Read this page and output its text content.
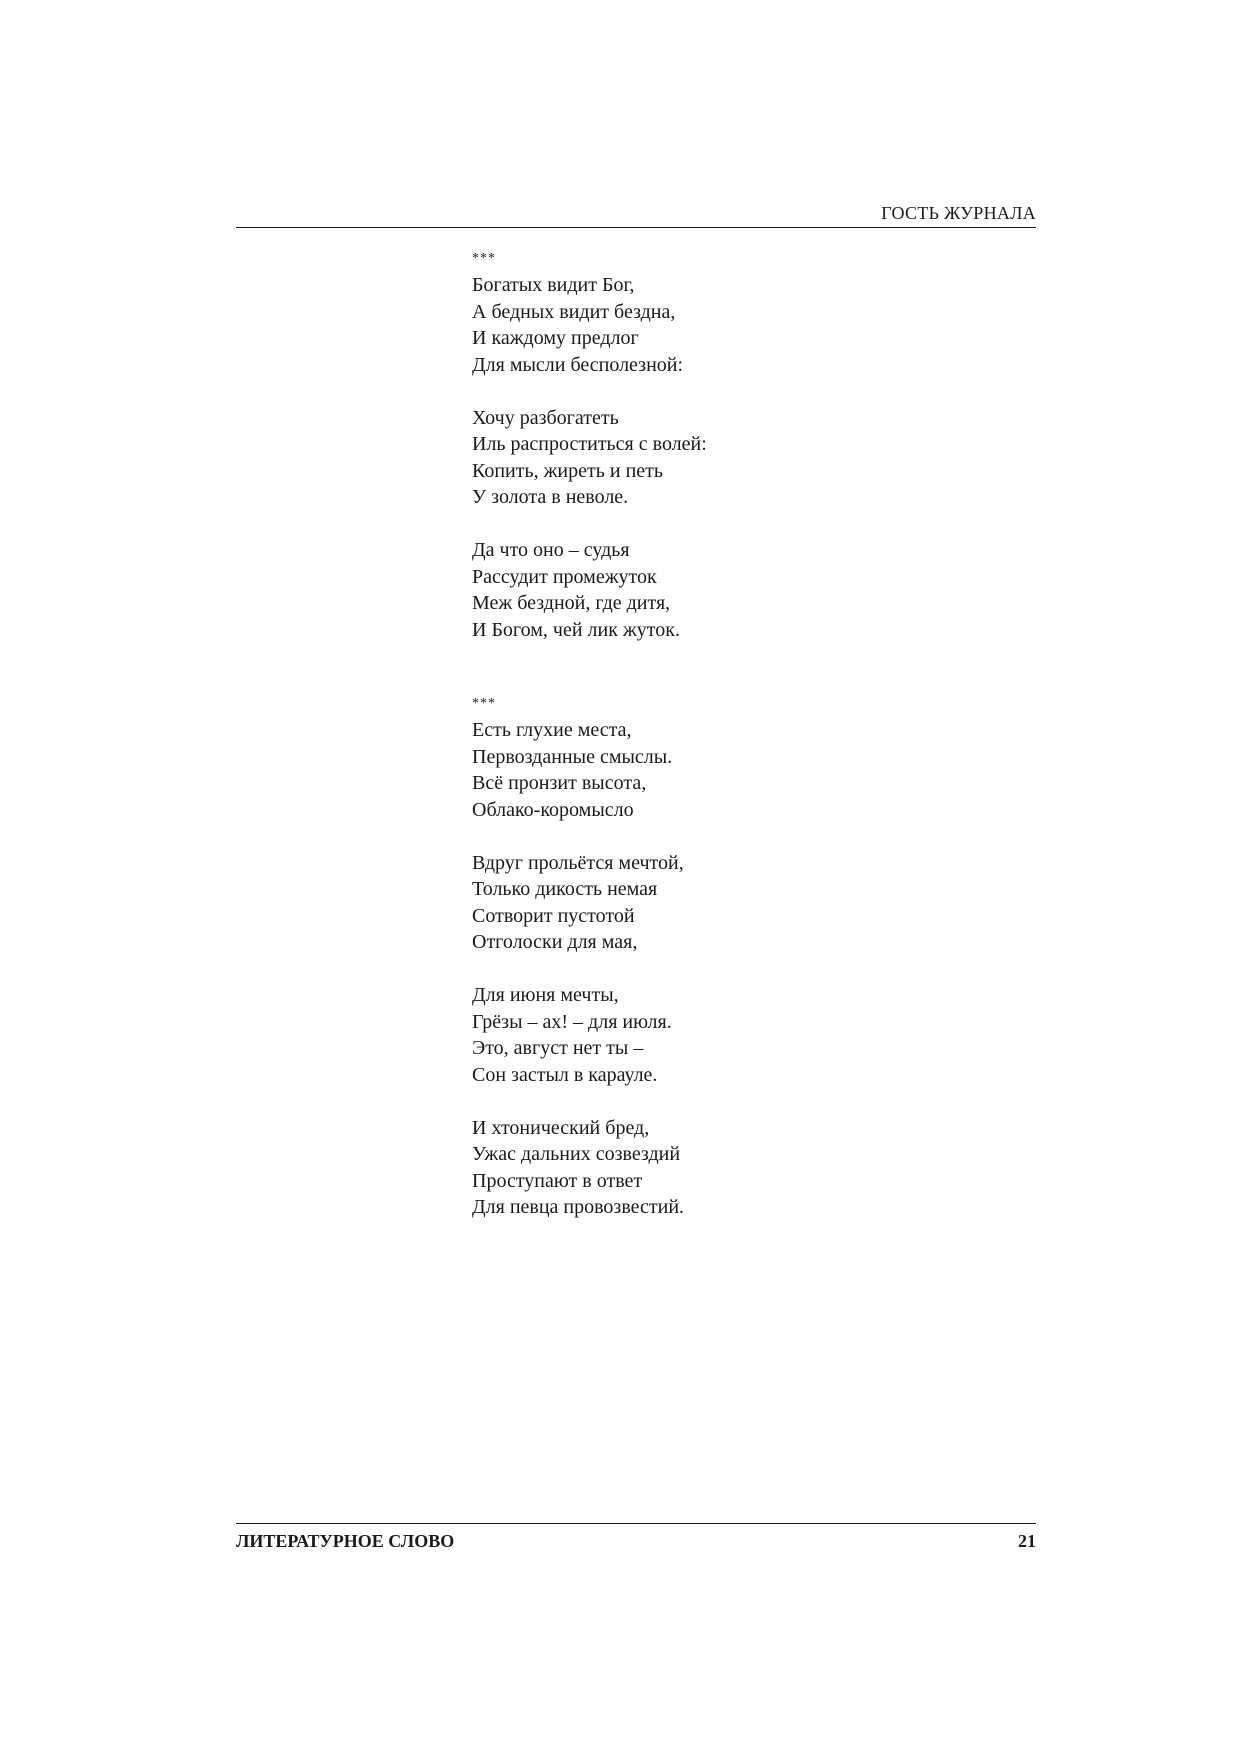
ГОСТЬ ЖУРНАЛА
***
Богатых видит Бог,
А бедных видит бездна,
И каждому предлог
Для мысли бесполезной:
Хочу разбогатеть
Иль распроститься с волей:
Копить, жиреть и петь
У золота в неволе.
Да что оно – судья
Рассудит промежуток
Меж бездной, где дитя,
И Богом, чей лик жуток.
***
Есть глухие места,
Первозданные смыслы.
Всё пронзит высота,
Облако-коромысло
Вдруг прольётся мечтой,
Только дикость немая
Сотворит пустотой
Отголоски для мая,
Для июня мечты,
Грёзы – ах! – для июля.
Это, август нет ты –
Сон застыл в карауле.
И хтонический бред,
Ужас дальних созвездий
Проступают в ответ
Для певца провозвестий.
ЛИТЕРАТУРНОЕ СЛОВО	21
